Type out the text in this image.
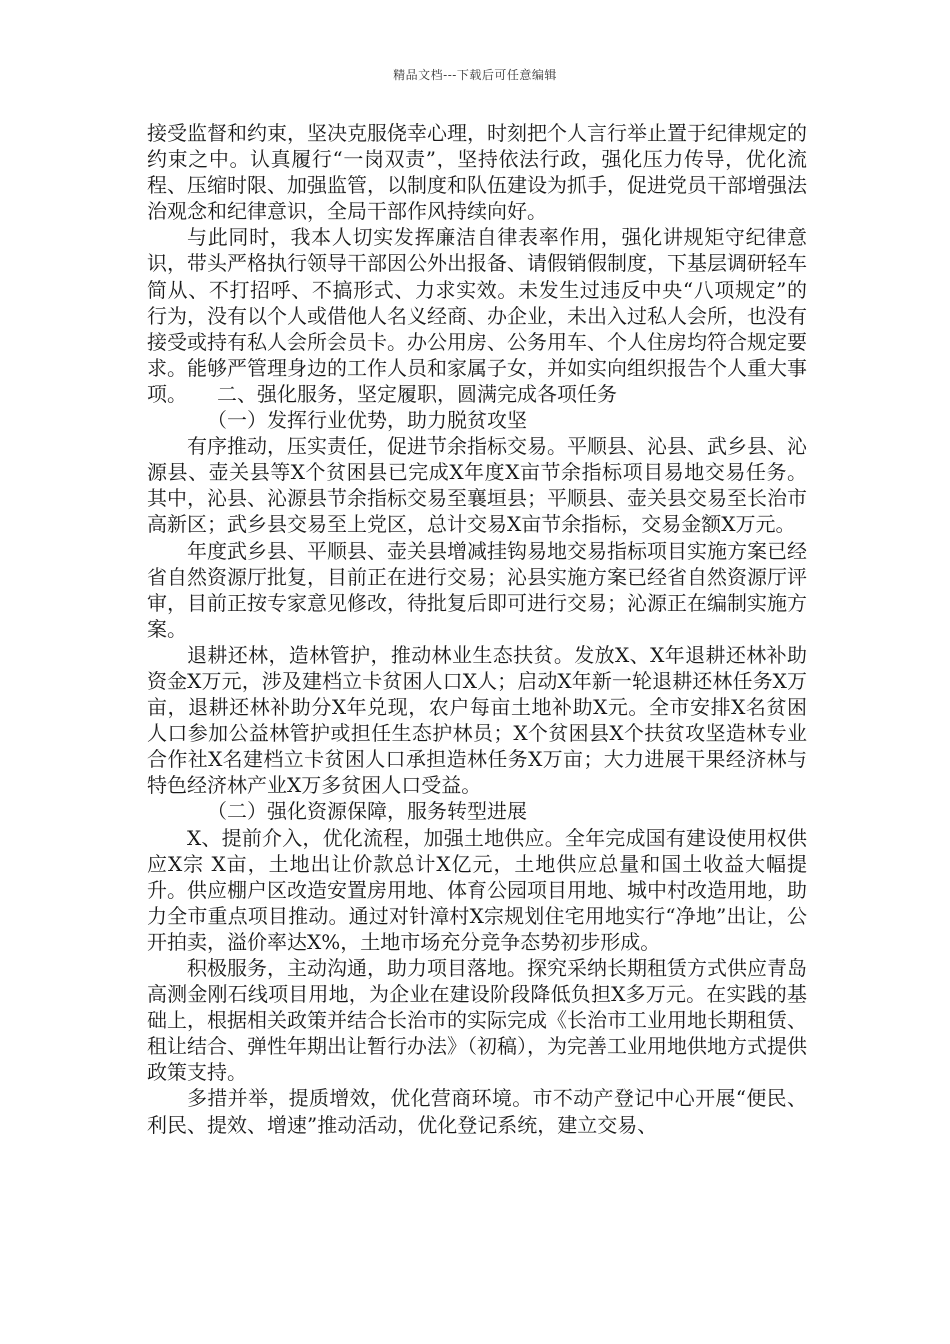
精品文档---下载后可任意编辑

接受监督和约束，坚决克服侥幸心理，时刻把个人言行举止置于纪律规定的约束之中。认真履行“一岗双责”，坚持依法行政，强化压力传导，优化流程、压缩时限、加强监管，以制度和队伍建设为抓手，促进党员干部增强法治观念和纪律意识，全局干部作风持续向好。

与此同时，我本人切实发挥廉洁自律表率作用，强化讲规矩守纪律意识，带头严格执行领导干部因公外出报备、请假销假制度，下基层调研轻车简从、不打招呼、不搞形式、力求实效。未发生过违反中央“八项规定”的行为，没有以个人或借他人名义经商、办企业，未出入过私人会所，也没有接受或持有私人会所会员卡。办公用房、公务用车、个人住房均符合规定要求。能够严管理身边的工作人员和家属子女，并如实向组织报告个人重大事项。　　二、强化服务，坚定履职，圆满完成各项任务

（一）发挥行业优势，助力脱贫攻坚

有序推动，压实责任，促进节余指标交易。平顺县、沁县、武乡县、沁源县、壶关县等X个贫困县已完成X年度X亩节余指标项目易地交易任务。其中，沁县、沁源县节余指标交易至襄垣县；平顺县、壶关县交易至长治市高新区；武乡县交易至上党区，总计交易X亩节余指标，交易金额X万元。

年度武乡县、平顺县、壶关县增减挂钩易地交易指标项目实施方案已经省自然资源厅批复，目前正在进行交易；沁县实施方案已经省自然资源厅评审，目前正按专家意见修改，待批复后即可进行交易；沁源正在编制实施方案。

退耕还林，造林管护，推动林业生态扶贫。发放X、X年退耕还林补助资金X万元，涉及建档立卡贫困人口X人；启动X年新一轮退耕还林任务X万亩，退耕还林补助分X年兑现，农户每亩土地补助X元。全市安排X名贫困人口参加公益林管护或担任生态护林员；X个贫困县X个扶贫攻坚造林专业合作社X名建档立卡贫困人口承担造林任务X万亩；大力进展干果经济林与特色经济林产业X万多贫困人口受益。

（二）强化资源保障，服务转型进展

X、提前介入，优化流程，加强土地供应。全年完成国有建设使用权供应X宗 X亩，土地出让价款总计X亿元，土地供应总量和国土收益大幅提升。供应棚户区改造安置房用地、体育公园项目用地、城中村改造用地，助力全市重点项目推动。通过对针漳村X宗规划住宅用地实行“净地”出让，公开拍卖，溢价率达X%，土地市场充分竞争态势初步形成。

积极服务，主动沟通，助力项目落地。探究采纳长期租赁方式供应青岛高测金刚石线项目用地，为企业在建设阶段降低负担X多万元。在实践的基础上，根据相关政策并结合长治市的实际完成《长治市工业用地长期租赁、租让结合、弹性年期出让暂行办法》（初稿），为完善工业用地供地方式提供政策支持。

多措并举，提质增效，优化营商环境。市不动产登记中心开展“便民、利民、提效、增速”推动活动，优化登记系统，建立交易、
